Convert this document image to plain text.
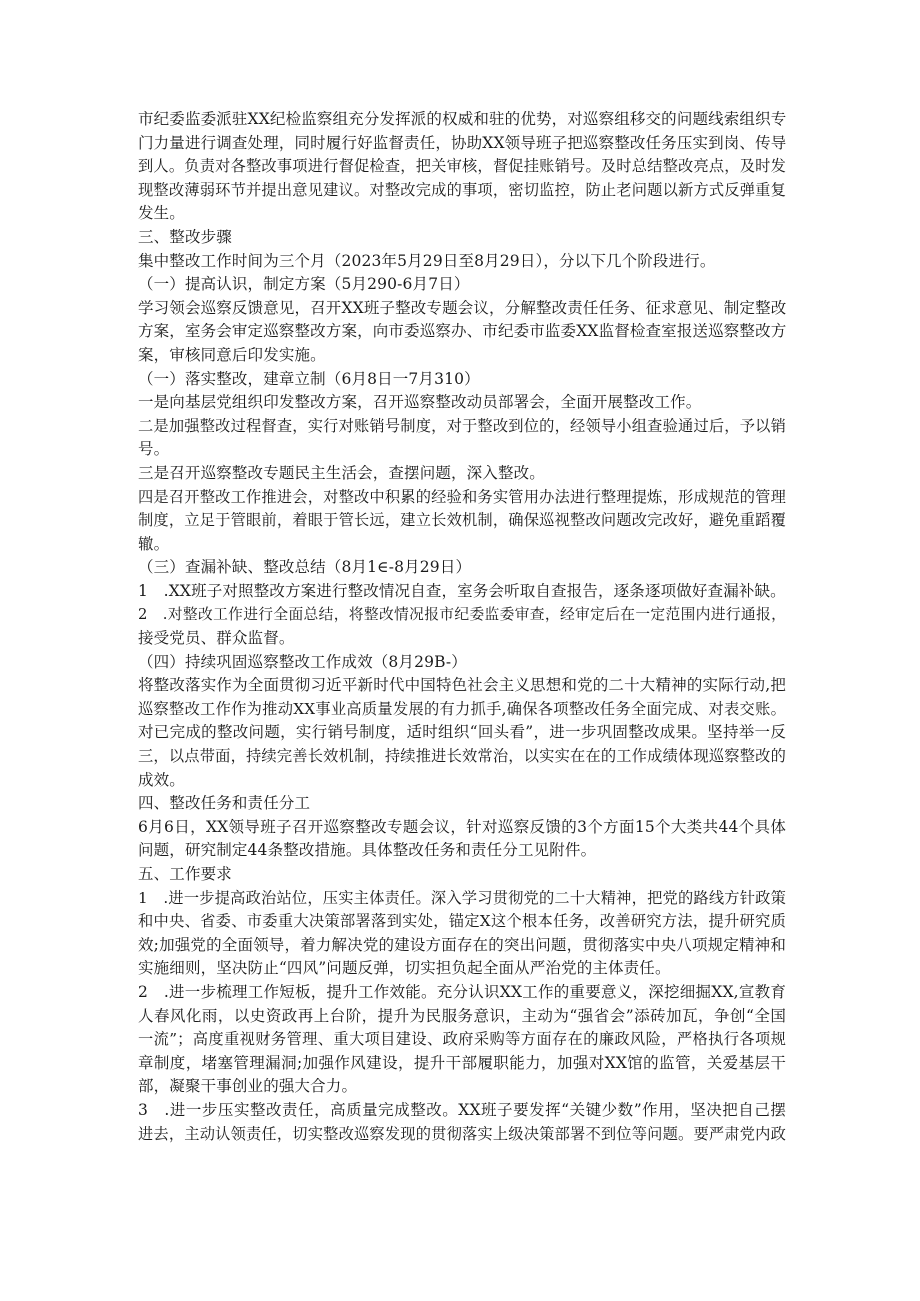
市纪委监委派驻XX纪检监察组充分发挥派的权威和驻的优势，对巡察组移交的问题线索组织专
门力量进行调查处理，同时履行好监督责任，协助XX领导班子把巡察整改任务压实到岗、传导
到人。负责对各整改事项进行督促检查，把关审核，督促挂账销号。及时总结整改亮点，及时发
现整改薄弱环节并提出意见建议。对整改完成的事项，密切监控，防止老问题以新方式反弹重复
发生。
三、整改步骤
集中整改工作时间为三个月（2023年5月29日至8月29日），分以下几个阶段进行。
（一）提高认识，制定方案（5月290-6月7日）
学习领会巡察反馈意见，召开XX班子整改专题会议，分解整改责任任务、征求意见、制定整改
方案，室务会审定巡察整改方案，向市委巡察办、市纪委市监委XX监督检查室报送巡察整改方
案，审核同意后印发实施。
（一）落实整改，建章立制（6月8日一7月310）
一是向基层党组织印发整改方案，召开巡察整改动员部署会，全面开展整改工作。
二是加强整改过程督查，实行对账销号制度，对于整改到位的，经领导小组查验通过后，予以销
号。
三是召开巡察整改专题民主生活会，查摆问题，深入整改。
四是召开整改工作推进会，对整改中积累的经验和务实管用办法进行整理提炼，形成规范的管理
制度，立足于管眼前，着眼于管长远，建立长效机制，确保巡视整改问题改完改好，避免重蹈覆
辙。
（三）查漏补缺、整改总结（8月1∈-8月29日）
1　.XX班子对照整改方案进行整改情况自查，室务会听取自查报告，逐条逐项做好查漏补缺。
2　.对整改工作进行全面总结，将整改情况报市纪委监委审查，经审定后在一定范围内进行通报，
接受党员、群众监督。
（四）持续巩固巡察整改工作成效（8月29B-）
将整改落实作为全面贯彻习近平新时代中国特色社会主义思想和党的二十大精神的实际行动,把
巡察整改工作作为推动XX事业高质量发展的有力抓手,确保各项整改任务全面完成、对表交账。
对已完成的整改问题，实行销号制度，适时组织“回头看”，进一步巩固整改成果。坚持举一反
三，以点带面，持续完善长效机制，持续推进长效常治，以实实在在的工作成绩体现巡察整改的
成效。
四、整改任务和责任分工
6月6日，XX领导班子召开巡察整改专题会议，针对巡察反馈的3个方面15个大类共44个具体
问题，研究制定44条整改措施。具体整改任务和责任分工见附件。
五、工作要求
1　.进一步提高政治站位，压实主体责任。深入学习贯彻党的二十大精神，把党的路线方针政策
和中央、省委、市委重大决策部署落到实处，锚定X这个根本任务，改善研究方法，提升研究质
效;加强党的全面领导，着力解决党的建设方面存在的突出问题，贯彻落实中央八项规定精神和
实施细则，坚决防止“四风”问题反弹，切实担负起全面从严治党的主体责任。
2　.进一步梳理工作短板，提升工作效能。充分认识XX工作的重要意义，深挖细掘XX,宣教育
人春风化雨，以史资政再上台阶，提升为民服务意识，主动为“强省会”添砖加瓦，争创“全国
一流”；高度重视财务管理、重大项目建设、政府采购等方面存在的廉政风险，严格执行各项规
章制度，堵塞管理漏洞;加强作风建设，提升干部履职能力，加强对XX馆的监管，关爱基层干
部，凝聚干事创业的强大合力。
3　.进一步压实整改责任，高质量完成整改。XX班子要发挥“关键少数”作用，坚决把自己摆
进去，主动认领责任，切实整改巡察发现的贯彻落实上级决策部署不到位等问题。要严肃党内政
